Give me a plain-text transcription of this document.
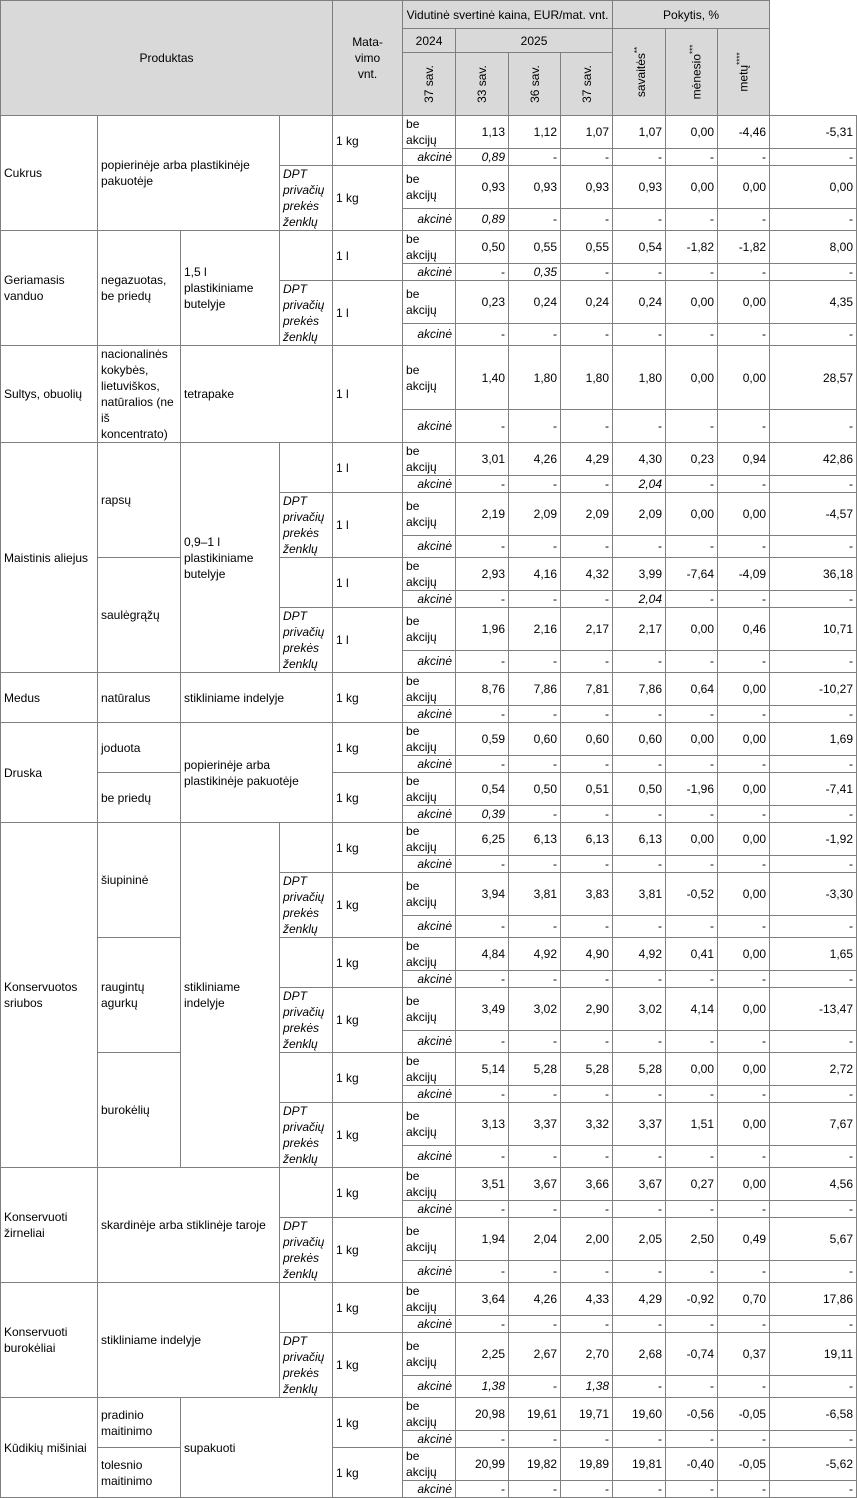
Produktas				Mata-
vimo
vnt.	Vidutinė svertinė kaina, EUR/mat. vnt.				Pokytis, %			
					2024	2025			savaitės**	mėnesio***	metų****
					37 sav.	33 sav.	36 sav.	37 sav.				
Cukrus	popierinėje arba plastikinėje pakuotėje			1 kg	be akcijų	1,13	1,12	1,07	1,07	0,00	-4,46	-5,31
					akcinė	0,89	-	-	-	-	-	-
			DPT privačių prekės ženklų	1 kg	be akcijų	0,93	0,93	0,93	0,93	0,00	0,00	0,00
					akcinė	0,89	-	-	-	-	-	-
Geriamasis vanduo	negazuotas, be priedų	1,5 l plastikiniame butelyje		1 l	be akcijų	0,50	0,55	0,55	0,54	-1,82	-1,82	8,00
					akcinė	-	0,35	-	-	-	-	-
			DPT privačių prekės ženklų	1 l	be akcijų	0,23	0,24	0,24	0,24	0,00	0,00	4,35
					akcinė	-	-	-	-	-	-	-
Sultys, obuolių	nacionalinės kokybės, lietuviškos, natūralios (ne iš koncentrato)	tetrapake		1 l	be akcijų	1,40	1,80	1,80	1,80	0,00	0,00	28,57
					akcinė	-	-	-	-	-	-	-
Maistinis aliejus	rapsų	0,9–1 l plastikiniame butelyje		1 l	be akcijų	3,01	4,26	4,29	4,30	0,23	0,94	42,86
					akcinė	-	-	-	2,04	-	-	-
			DPT privačių prekės ženklų	1 l	be akcijų	2,19	2,09	2,09	2,09	0,00	0,00	-4,57
					akcinė	-	-	-	-	-	-	-
	saulėgrąžų			1 l	be akcijų	2,93	4,16	4,32	3,99	-7,64	-4,09	36,18
					akcinė	-	-	-	2,04	-	-	-
			DPT privačių prekės ženklų	1 l	be akcijų	1,96	2,16	2,17	2,17	0,00	0,46	10,71
					akcinė	-	-	-	-	-	-	-
Medus	natūralus	stikliniame indelyje		1 kg	be akcijų	8,76	7,86	7,81	7,86	0,64	0,00	-10,27
					akcinė	-	-	-	-	-	-	-
Druska	joduota	popierinėje arba plastikinėje pakuotėje		1 kg	be akcijų	0,59	0,60	0,60	0,60	0,00	0,00	1,69
					akcinė	-	-	-	-	-	-	-
	be priedų			1 kg	be akcijų	0,54	0,50	0,51	0,50	-1,96	0,00	-7,41
					akcinė	0,39	-	-	-	-	-	-
Konservuotos sriubos	šiupininė	stikliniame indelyje		1 kg	be akcijų	6,25	6,13	6,13	6,13	0,00	0,00	-1,92
					akcinė	-	-	-	-	-	-	-
			DPT privačių prekės ženklų	1 kg	be akcijų	3,94	3,81	3,83	3,81	-0,52	0,00	-3,30
					akcinė	-	-	-	-	-	-	-
	raugintų agurkų			1 kg	be akcijų	4,84	4,92	4,90	4,92	0,41	0,00	1,65
					akcinė	-	-	-	-	-	-	-
			DPT privačių prekės ženklų	1 kg	be akcijų	3,49	3,02	2,90	3,02	4,14	0,00	-13,47
					akcinė	-	-	-	-	-	-	-
	burokėlių			1 kg	be akcijų	5,14	5,28	5,28	5,28	0,00	0,00	2,72
					akcinė	-	-	-	-	-	-	-
			DPT privačių prekės ženklų	1 kg	be akcijų	3,13	3,37	3,32	3,37	1,51	0,00	7,67
					akcinė	-	-	-	-	-	-	-
Konservuoti žirneliai	skardinėje arba stiklinėje taroje			1 kg	be akcijų	3,51	3,67	3,66	3,67	0,27	0,00	4,56
					akcinė	-	-	-	-	-	-	-
			DPT privačių prekės ženklų	1 kg	be akcijų	1,94	2,04	2,00	2,05	2,50	0,49	5,67
					akcinė	-	-	-	-	-	-	-
Konservuoti burokėliai	stikliniame indelyje			1 kg	be akcijų	3,64	4,26	4,33	4,29	-0,92	0,70	17,86
					akcinė	-	-	-	-	-	-	-
			DPT privačių prekės ženklų	1 kg	be akcijų	2,25	2,67	2,70	2,68	-0,74	0,37	19,11
					akcinė	1,38	-	1,38	-	-	-	-
Kūdikių mišiniai	pradinio maitinimo	supakuoti		1 kg	be akcijų	20,98	19,61	19,71	19,60	-0,56	-0,05	-6,58
					akcinė	-	-	-	-	-	-	-
	tolesnio maitinimo			1 kg	be akcijų	20,99	19,82	19,89	19,81	-0,40	-0,05	-5,62
					akcinė	-	-	-	-	-	-	-
